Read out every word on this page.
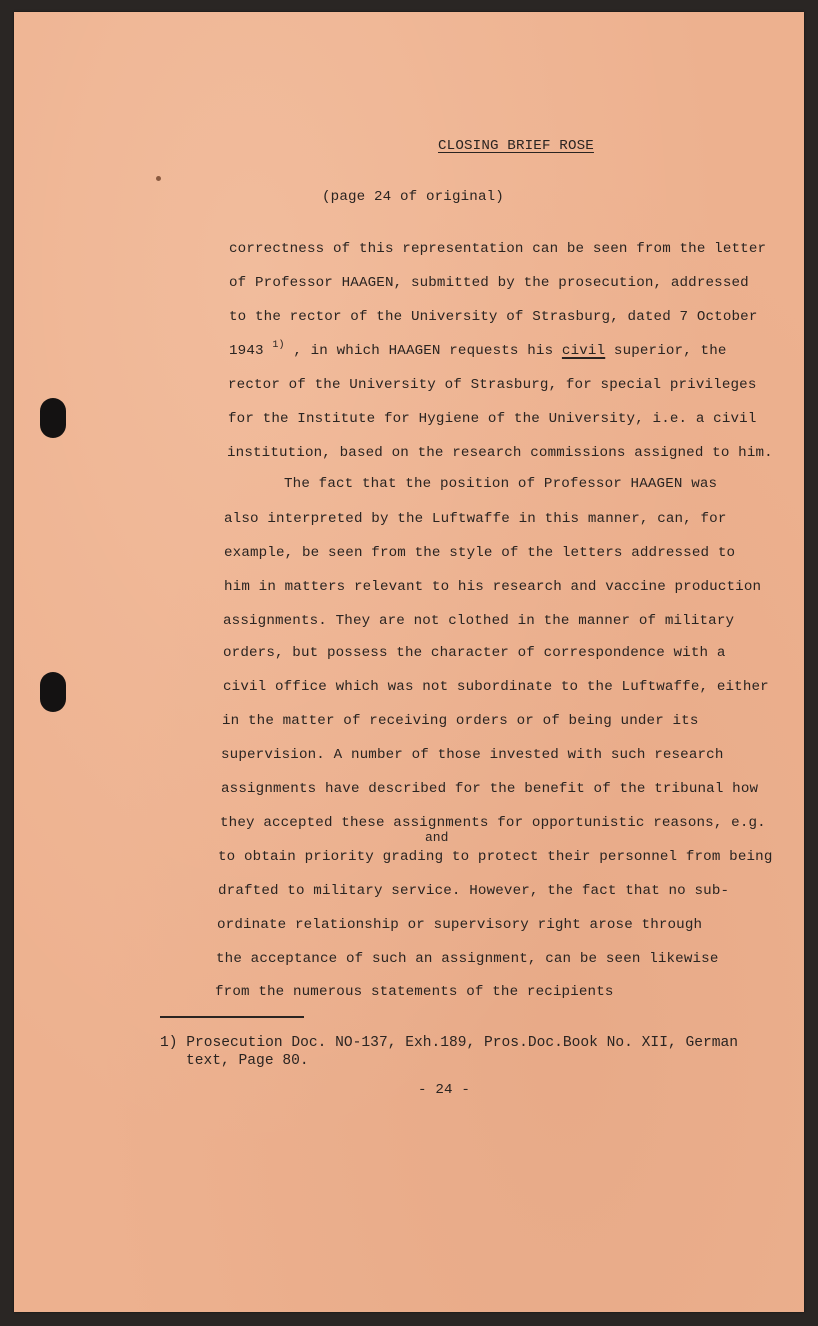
CLOSING BRIEF ROSE
(page 24 of original)
correctness of this representation can be seen from the letter
of Professor HAAGEN, submitted by the prosecution, addressed
to the rector of the University of Strasburg, dated 7 October
1943 $^{1)}$ , in which HAAGEN requests his civil superior, the
rector of the University of Strasburg, for special privileges
for the Institute for Hygiene of the University, i.e. a civil
institution, based on the research commissions assigned to him.
The fact that the position of Professor HAAGEN was
also interpreted by the Luftwaffe in this manner, can, for
example, be seen from the style of the letters addressed to
him in matters relevant to his research and vaccine production
assignments. They are not clothed in the manner of military
orders, but possess the character of correspondence with a
civil office which was not subordinate to the Luftwaffe, either
in the matter of receiving orders or of being under its
supervision. A number of those invested with such research
assignments have described for the benefit of the tribunal how
they accepted these assignments for opportunistic reasons, e.g.
and
to obtain priority grading to protect their personnel from being
drafted to military service. However, the fact that no sub-
ordinate relationship or supervisory right arose through
the acceptance of such an assignment, can be seen likewise
from the numerous statements of the recipients
1) Prosecution Doc. NO-137, Exh.189, Pros.Doc.Book No. XII, German
text, Page 80.
- 24 -
